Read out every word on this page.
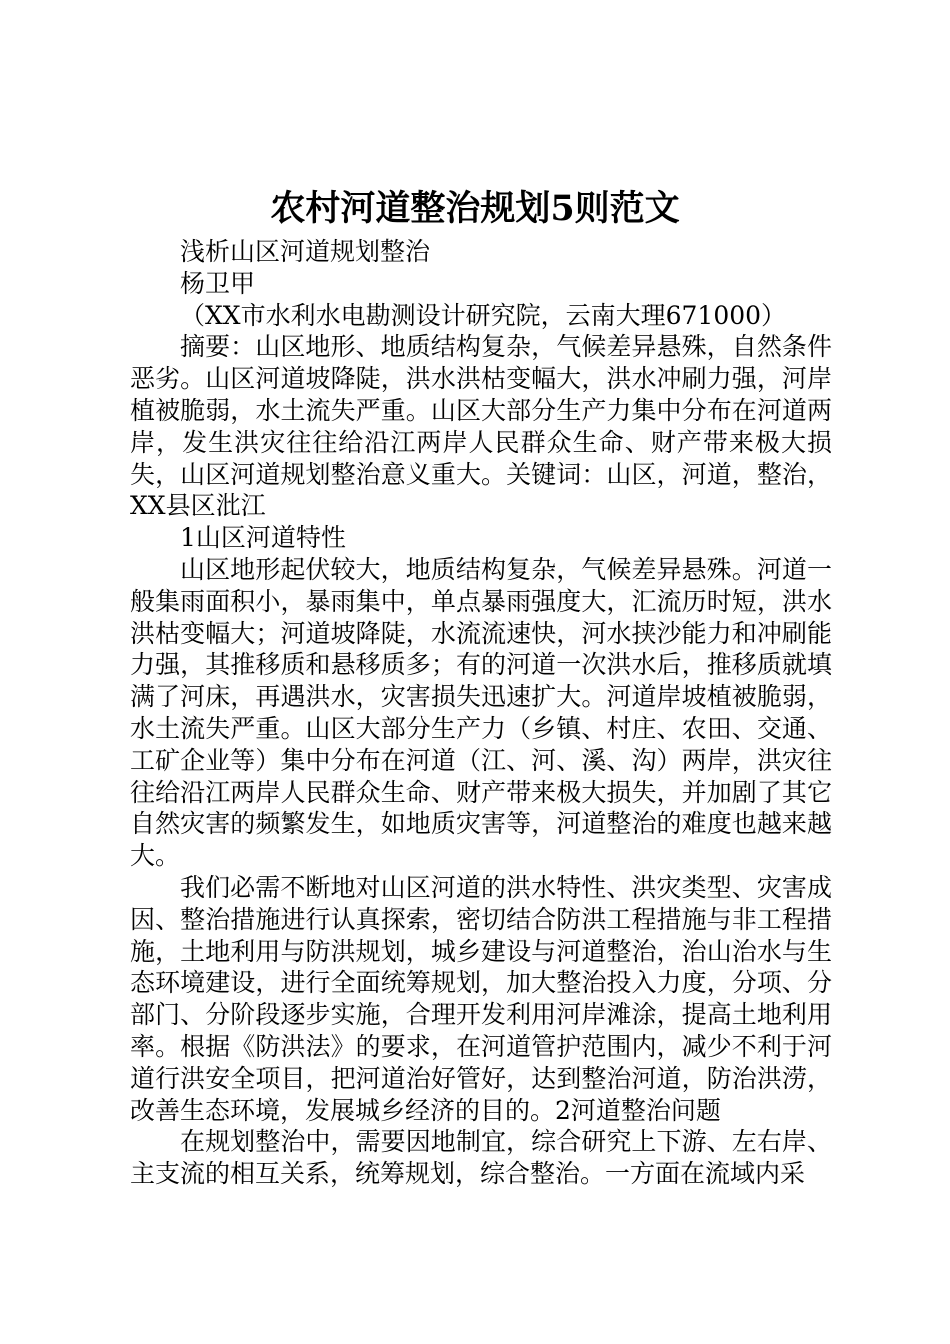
农村河道整治规划5则范文

浅析山区河道规划整治

杨卫甲

（XX市水利水电勘测设计研究院，云南大理671000）

摘要：山区地形、地质结构复杂，气候差异悬殊，自然条件恶劣。山区河道坡降陡，洪水洪枯变幅大，洪水冲刷力强，河岸植被脆弱，水土流失严重。山区大部分生产力集中分布在河道两岸，发生洪灾往往给沿江两岸人民群众生命、财产带来极大损失，山区河道规划整治意义重大。关键词：山区，河道，整治，XX县区沘江

1山区河道特性

山区地形起伏较大，地质结构复杂，气候差异悬殊。河道一般集雨面积小，暴雨集中，单点暴雨强度大，汇流历时短，洪水洪枯变幅大；河道坡降陡，水流流速快，河水挟沙能力和冲刷能力强，其推移质和悬移质多；有的河道一次洪水后，推移质就填满了河床，再遇洪水，灾害损失迅速扩大。河道岸坡植被脆弱，水土流失严重。山区大部分生产力（乡镇、村庄、农田、交通、工矿企业等）集中分布在河道（江、河、溪、沟）两岸，洪灾往往给沿江两岸人民群众生命、财产带来极大损失，并加剧了其它自然灾害的频繁发生，如地质灾害等，河道整治的难度也越来越大。

我们必需不断地对山区河道的洪水特性、洪灾类型、灾害成因、整治措施进行认真探索，密切结合防洪工程措施与非工程措施，土地利用与防洪规划，城乡建设与河道整治，治山治水与生态环境建设，进行全面统筹规划，加大整治投入力度，分项、分部门、分阶段逐步实施，合理开发利用河岸滩涂，提高土地利用率。根据《防洪法》的要求，在河道管护范围内，减少不利于河道行洪安全项目，把河道治好管好，达到整治河道，防治洪涝，改善生态环境，发展城乡经济的目的。2河道整治问题

在规划整治中，需要因地制宜，综合研究上下游、左右岸、主支流的相互关系，统筹规划，综合整治。一方面在流域内采
